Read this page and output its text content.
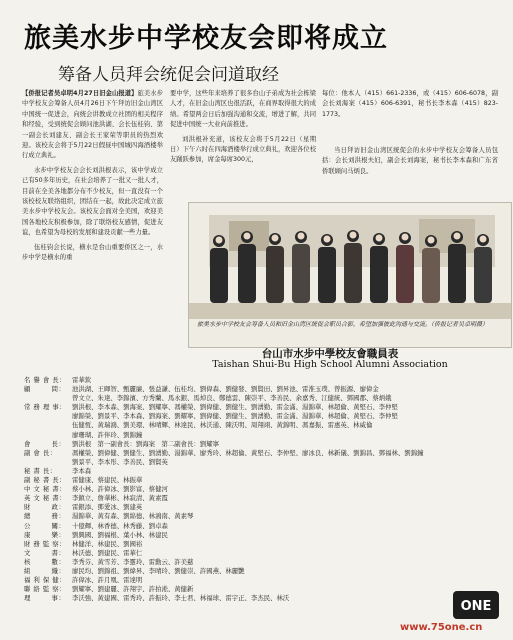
旅美水步中学校友会即将成立
筹备人员拜会统促会问道取经

【侨报记者吴卓明4月27日旧金山报道】旅美水步中学校友会筹备人员4月26日下午拜访旧金山湾区中国统一促进会，向统会讲教成立社团的相关程序和经验，受到统促会顾问池洪湖、会长伍桂钧、第一副会长刘建友、副会长王家荣等职员的热烈欢迎。该校友会将于5月22日假昼中国城四海酒楼举行成立典礼。

水步中学校友会会长刘洪根表示，该中学成立已有50多年历史，在社会培养了一批又一批人才，目前在全美各地都分布不少校友，但一直没有一个该校校友联络组织，团结在一起，故此决定成立旅美水步中学校友会。该校友会面对全美国，欢迎美国各地校友积极参加，除了联络校友感情，促进友谊，也希望为母校的发展和建设贡献一些力量。

伍桂钧会长说，横水是台山重要侨区之一，水步中学是横水的重

要中学，这些年来培养了很多台山子弟成为社会栋梁人才，在旧金山湾区也很活跃，在商界取得很大的成绩。希望两会日后加强沟通和交流，增进了解，共同促进中国统一大业向前推进。

刘洪根补充道，该校友会将于5月22日（星期日）下午六时在四海酒楼举行成立典礼，欢迎各位校友踊跃参加，席金每席300元，

每位：他本人（415）661-2336，或（415）606-6078，副会长刘海案（415）606-6391，秘书长李本森（415）823-1773。

当日拜访旧金山湾区统促会的水步中学校友会筹备人员包括：会长刘洪根夫妇，副会长刘海案，秘书长李本森和广东省侨联顾问马炳良。

旅美水步中学校友会筹备人员和旧金山湾区统促会职员合影，希望加强彼此沟通与交流。（侨报记者吴卓明摄）
台山市水步中學校友會職員表
Taishan Shui-Bu High School Alumni Association
名 譽 會 長： 雷華欽
顧　　　問：	池洪湖、王暉智、甄麗廉、張益謙、伍桂均、劉偉森、劉健發、劉賢田、劉昇池、雷淮玉璞、曾振源、廖偉金
曾文立、朱達、李錦濱、方秀蘭、馬永銀、馬焯良、鄭德雲、陳崇平、李善民、余嘉秀、江健統、鄧國郡、蔡炳娥
常 務 理 事： 劉洪根、李本森、劉海案、劉耀寧、馮權榮、劉偉健、劉健生、劉湧勤、雷金滿、湯錦華、林超倫、黃堅石、李仲堅
廖錦榮、劉景平、李本森、劉海案、劉耀寧、劉偉健、劉健生、劉湧勤、雷金滿、湯錦華、林超倫、黃堅石、李仲堅
伍健恆、黃瑞鴻、劉美環、林晴輝、林達民、林沃通、陳沃明、周翔翊、黃錦明、馮嘉振、雷惠英、林威倫
廖珊瑚、許伴玲、劉錦鐘
會　　　長：	劉洪根　第一副會長：劉海案　第二副會長：劉耀寧
副 會 長：	馮權榮、劉偉健、劉健生、劉湧勤、湯錦華、廖秀玲、林超倫、黃堅石、李仲堅、廖冰良、林新儀、劉錦昌、鄧福林、劉錦鐘
劉景平、李本彤、李善民、劉賢英
秘 書 長：	李本森
副 秘 書 長： 雷健康、蔡建民、林振華
中 文 秘 書： 蔡小林、許偉冰、劉影富、蔡健河
英 文 秘 書： 李鎮立、詹華彬、林寂清、黃素霞
財　　　政：	雷銀添、鄧愛冰、劉建英
總　　　務：	湯錦華、黃有森、劉綿德、林鴻南、黃素琴
公　　　關：	十億輝、林香德、林秀藤、劉卓森
康　　　樂：	劉興國、劉福根、葉小林、林建民
財 務 監 察： 林健洋、林建民、劉國裕
文　　　書：	林沃德、劉建民、雷華仁
核　　　數：	李秀芬、黃雪芳、李靈玲、雷勳云、許美慈
組　　　織：	廖民均、劉錦祖、劉煒昇、李晴玲、劉健崇、許國燕、林麗艷
福 利 保 健： 許偉冰、許月凰、雷達明
聯 絡 監 察： 劉耀寧、劉建麗、許翔宇、許拍淞、黃健新
理　　　事：	李沃強、黃建國、雷秀玲、許振玲、李士君、林福球、雷宇正、李杰民、林沃
ONE
www.75one.cn
